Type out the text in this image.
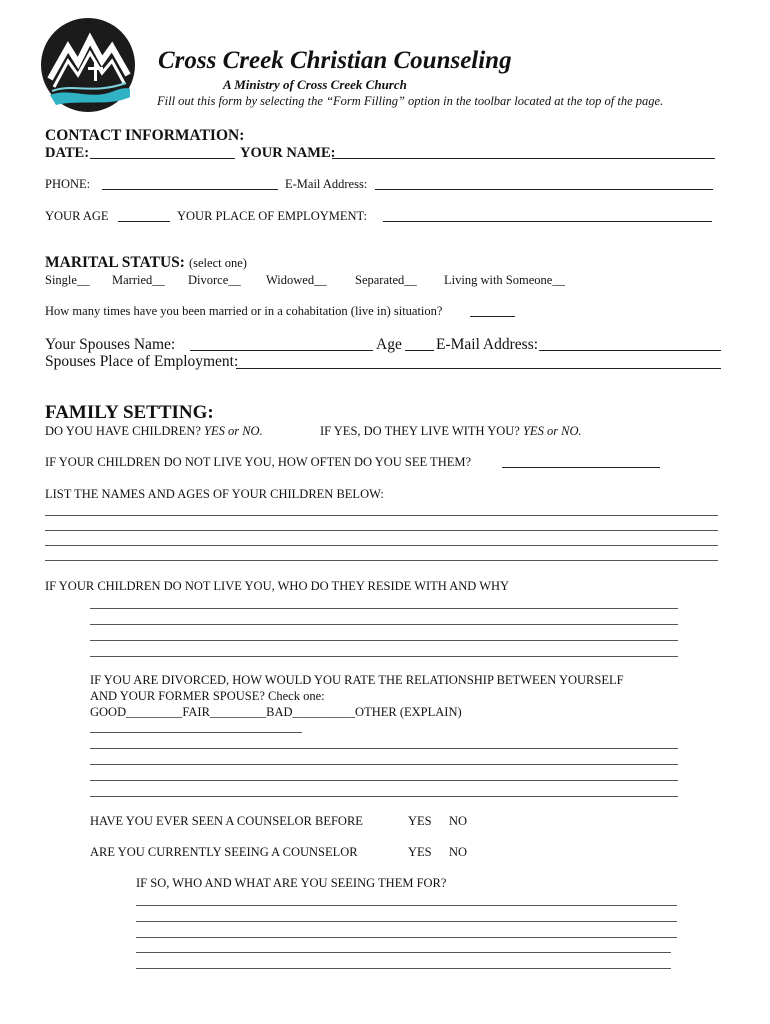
Cross Creek Christian Counseling
A Ministry of Cross Creek Church
Fill out this form by selecting the “Form Filling” option in the toolbar located at the top of the page.
CONTACT INFORMATION:
DATE:	YOUR NAME:
PHONE:	E-Mail Address:
YOUR AGE	YOUR PLACE OF EMPLOYMENT:
MARITAL STATUS: (select one)
Single__ Married__ Divorce__ Widowed__ Separated__ Living with Someone__
How many times have you been married or in a cohabitation (live in) situation?
Your Spouses Name:	Age E-Mail Address:
Spouses Place of Employment:
FAMILY SETTING:
DO YOU HAVE CHILDREN? YES or NO.	IF YES, DO THEY LIVE WITH YOU? YES or NO.
IF YOUR CHILDREN DO NOT LIVE YOU, HOW OFTEN DO YOU SEE THEM?
LIST THE NAMES AND AGES OF YOUR CHILDREN BELOW:
IF YOUR CHILDREN DO NOT LIVE YOU, WHO DO THEY RESIDE WITH AND WHY
IF YOU ARE DIVORCED, HOW WOULD YOU RATE THE RELATIONSHIP BETWEEN YOURSELF
AND YOUR FORMER SPOUSE? Check one:
GOOD_________FAIR_________BAD__________OTHER (EXPLAIN)
HAVE YOU EVER SEEN A COUNSELOR BEFORE	YES NO
ARE YOU CURRENTLY SEEING A COUNSELOR	YES NO
IF SO, WHO AND WHAT ARE YOU SEEING THEM FOR?
